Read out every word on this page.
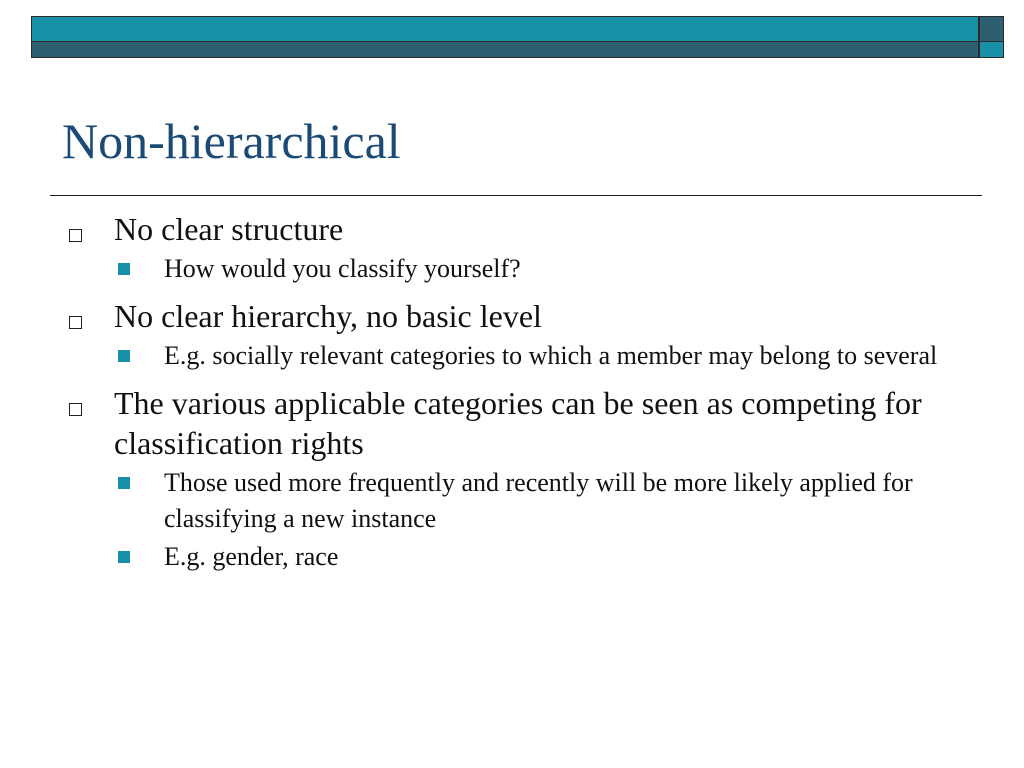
Non-hierarchical
No clear structure
How would you classify yourself?
No clear hierarchy, no basic level
E.g. socially relevant categories to which a member may belong to several
The various applicable categories can be seen as competing for classification rights
Those used more frequently and recently will be more likely applied for classifying a new instance
E.g. gender, race
